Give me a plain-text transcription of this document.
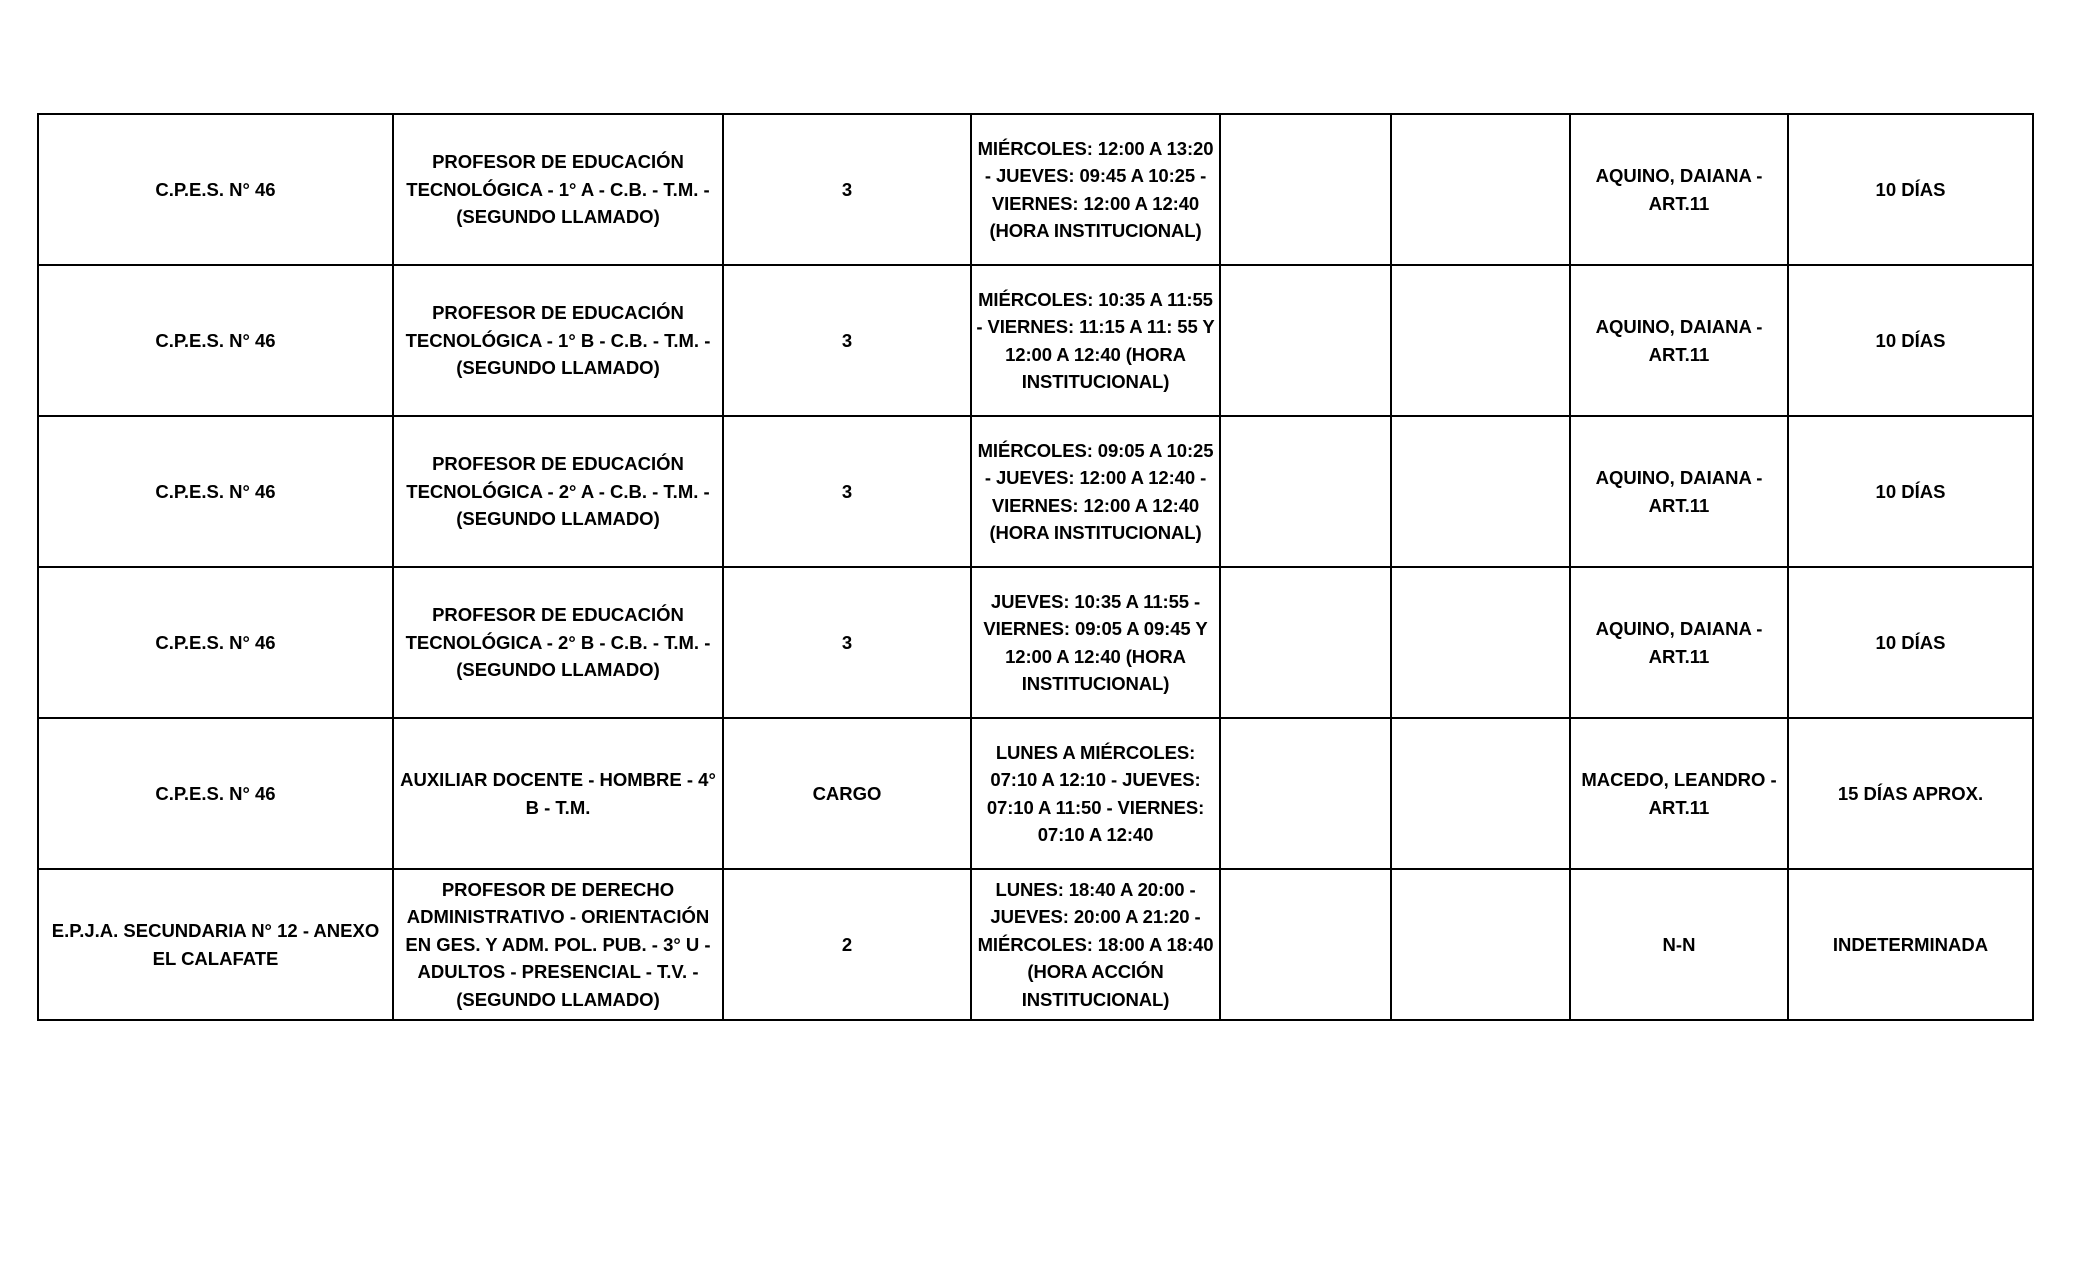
C.P.E.S. N° 46	PROFESOR DE EDUCACIÓN TECNOLÓGICA - 1° A - C.B. - T.M. - (SEGUNDO LLAMADO)	3	MIÉRCOLES: 12:00 A 13:20 - JUEVES: 09:45 A 10:25 - VIERNES: 12:00 A 12:40 (HORA INSTITUCIONAL)			AQUINO, DAIANA - ART.11	10 DÍAS
C.P.E.S. N° 46	PROFESOR DE EDUCACIÓN TECNOLÓGICA - 1° B - C.B. - T.M. - (SEGUNDO LLAMADO)	3	MIÉRCOLES: 10:35 A 11:55 - VIERNES: 11:15 A 11: 55 Y 12:00 A 12:40 (HORA INSTITUCIONAL)			AQUINO, DAIANA - ART.11	10 DÍAS
C.P.E.S. N° 46	PROFESOR DE EDUCACIÓN TECNOLÓGICA - 2° A - C.B. - T.M. - (SEGUNDO LLAMADO)	3	MIÉRCOLES: 09:05 A 10:25 - JUEVES: 12:00 A 12:40 - VIERNES: 12:00 A 12:40 (HORA INSTITUCIONAL)			AQUINO, DAIANA - ART.11	10 DÍAS
C.P.E.S. N° 46	PROFESOR DE EDUCACIÓN TECNOLÓGICA - 2° B - C.B. - T.M. - (SEGUNDO LLAMADO)	3	JUEVES: 10:35 A 11:55 - VIERNES: 09:05 A 09:45 Y 12:00 A 12:40 (HORA INSTITUCIONAL)			AQUINO, DAIANA - ART.11	10 DÍAS
C.P.E.S. N° 46	AUXILIAR DOCENTE - HOMBRE - 4° B - T.M.	CARGO	LUNES A MIÉRCOLES: 07:10 A 12:10 - JUEVES: 07:10 A 11:50 - VIERNES: 07:10 A 12:40			MACEDO, LEANDRO - ART.11	15 DÍAS APROX.
E.P.J.A. SECUNDARIA N° 12 - ANEXO EL CALAFATE	PROFESOR DE DERECHO ADMINISTRATIVO - ORIENTACIÓN EN GES. Y ADM. POL. PUB. - 3° U - ADULTOS - PRESENCIAL - T.V. - (SEGUNDO LLAMADO)	2	LUNES: 18:40 A 20:00 - JUEVES: 20:00 A 21:20 - MIÉRCOLES: 18:00 A 18:40 (HORA ACCIÓN INSTITUCIONAL)			N-N	INDETERMINADA
